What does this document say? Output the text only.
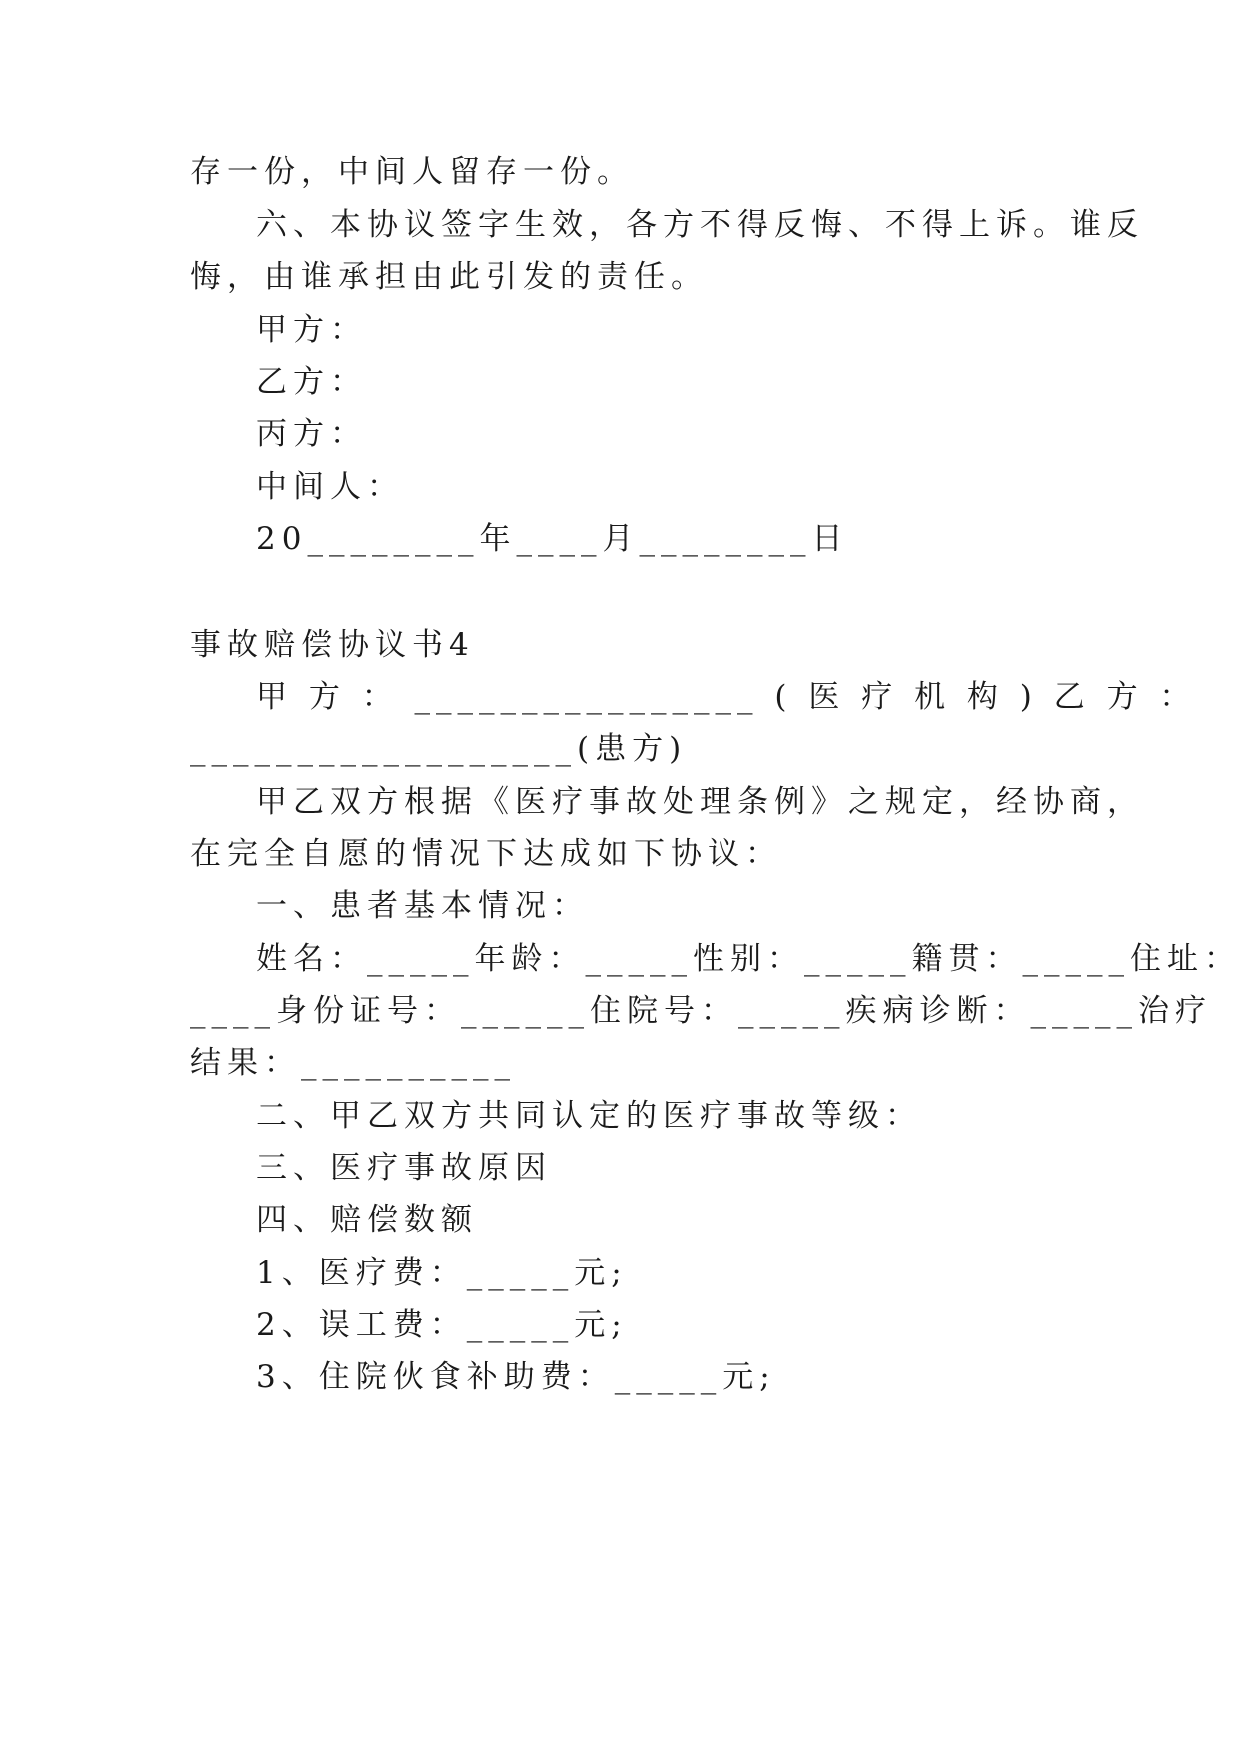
存一份，中间人留存一份。
六、本协议签字生效，各方不得反悔、不得上诉。谁反
悔，由谁承担由此引发的责任。
甲方：
乙方：
丙方：
中间人：
20________年____月________日
事故赔偿协议书4
甲 方 ： ________________ ( 医 疗 机 构 ) 乙 方 ：
__________________(患方)
甲乙双方根据《医疗事故处理条例》之规定，经协商，
在完全自愿的情况下达成如下协议：
一、患者基本情况：
姓名：_____年龄：_____性别：_____籍贯：_____住址：
____身份证号：______住院号：_____疾病诊断：_____治疗
结果：__________
二、甲乙双方共同认定的医疗事故等级：
三、医疗事故原因
四、赔偿数额
1、医疗费：_____元;
2、误工费：_____元;
3、住院伙食补助费：_____元;
